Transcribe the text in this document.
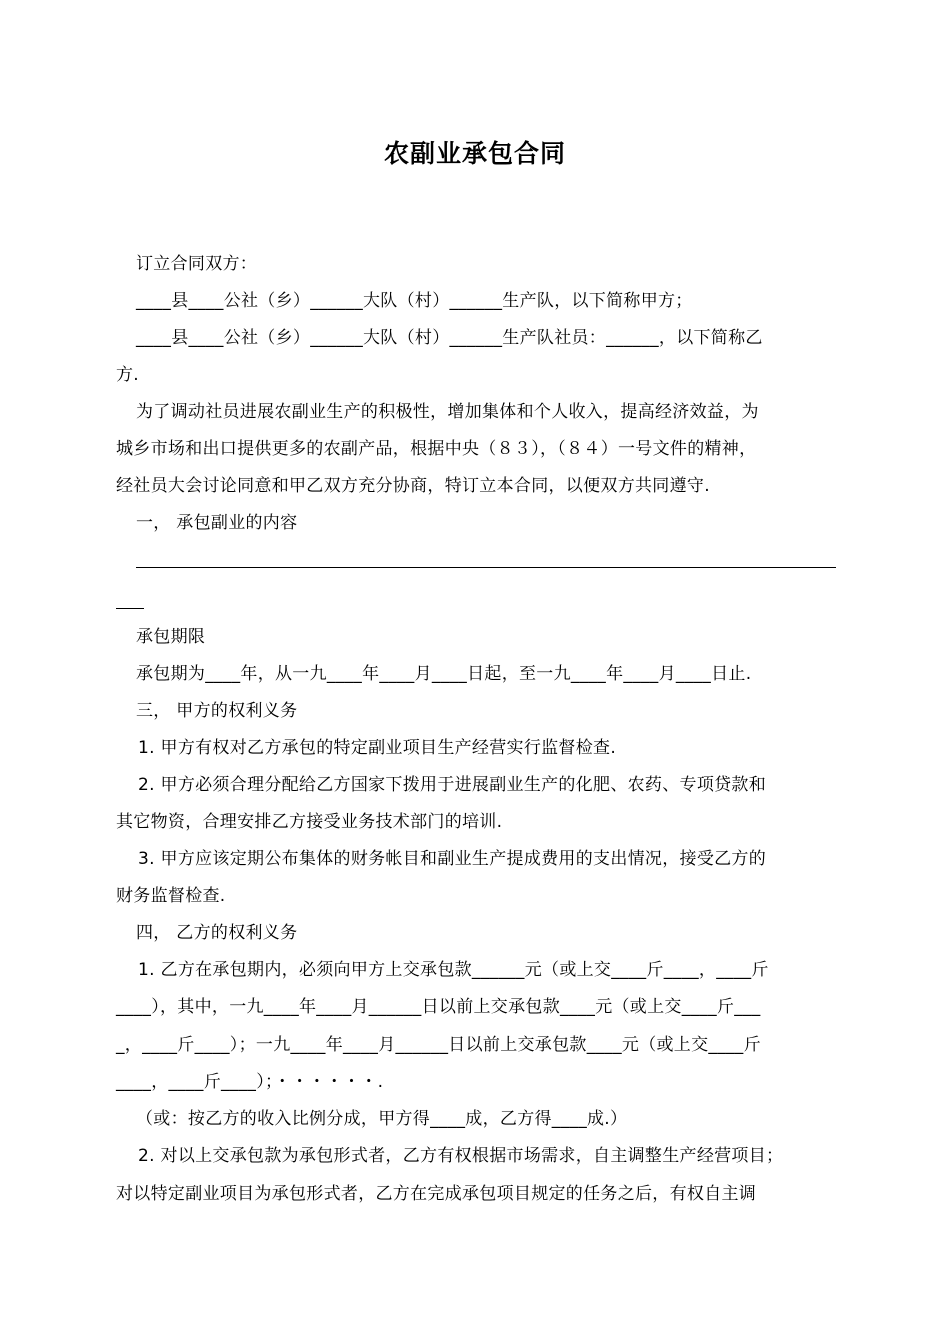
农副业承包合同
订立合同双方：
____县____公社（乡）______大队（村）______生产队，以下简称甲方；
____县____公社（乡）______大队（村）______生产队社员：______，以下简称乙
方.
为了调动社员进展农副业生产的积极性，增加集体和个人收入，提高经济效益，为
城乡市场和出口提供更多的农副产品，根据中央（８３），（８４）一号文件的精神，
经社员大会讨论同意和甲乙双方充分协商，特订立本合同，以便双方共同遵守.
一， 承包副业的内容
承包期限
承包期为____年，从一九____年____月____日起，至一九____年____月____日止.
三， 甲方的权利义务
1. 甲方有权对乙方承包的特定副业项目生产经营实行监督检查.
2. 甲方必须合理分配给乙方国家下拨用于进展副业生产的化肥、农药、专项贷款和
其它物资，合理安排乙方接受业务技术部门的培训.
3. 甲方应该定期公布集体的财务帐目和副业生产提成费用的支出情况，接受乙方的
财务监督检查.
四， 乙方的权利义务
1. 乙方在承包期内，必须向甲方上交承包款______元（或上交____斤____，____斤
____），其中，一九____年____月______日以前上交承包款____元（或上交____斤___
_，____斤____）；一九____年____月______日以前上交承包款____元（或上交____斤
____，____斤____）；・・・・・・.
（或：按乙方的收入比例分成，甲方得____成，乙方得____成.）
2. 对以上交承包款为承包形式者，乙方有权根据市场需求，自主调整生产经营项目；
对以特定副业项目为承包形式者，乙方在完成承包项目规定的任务之后，有权自主调
